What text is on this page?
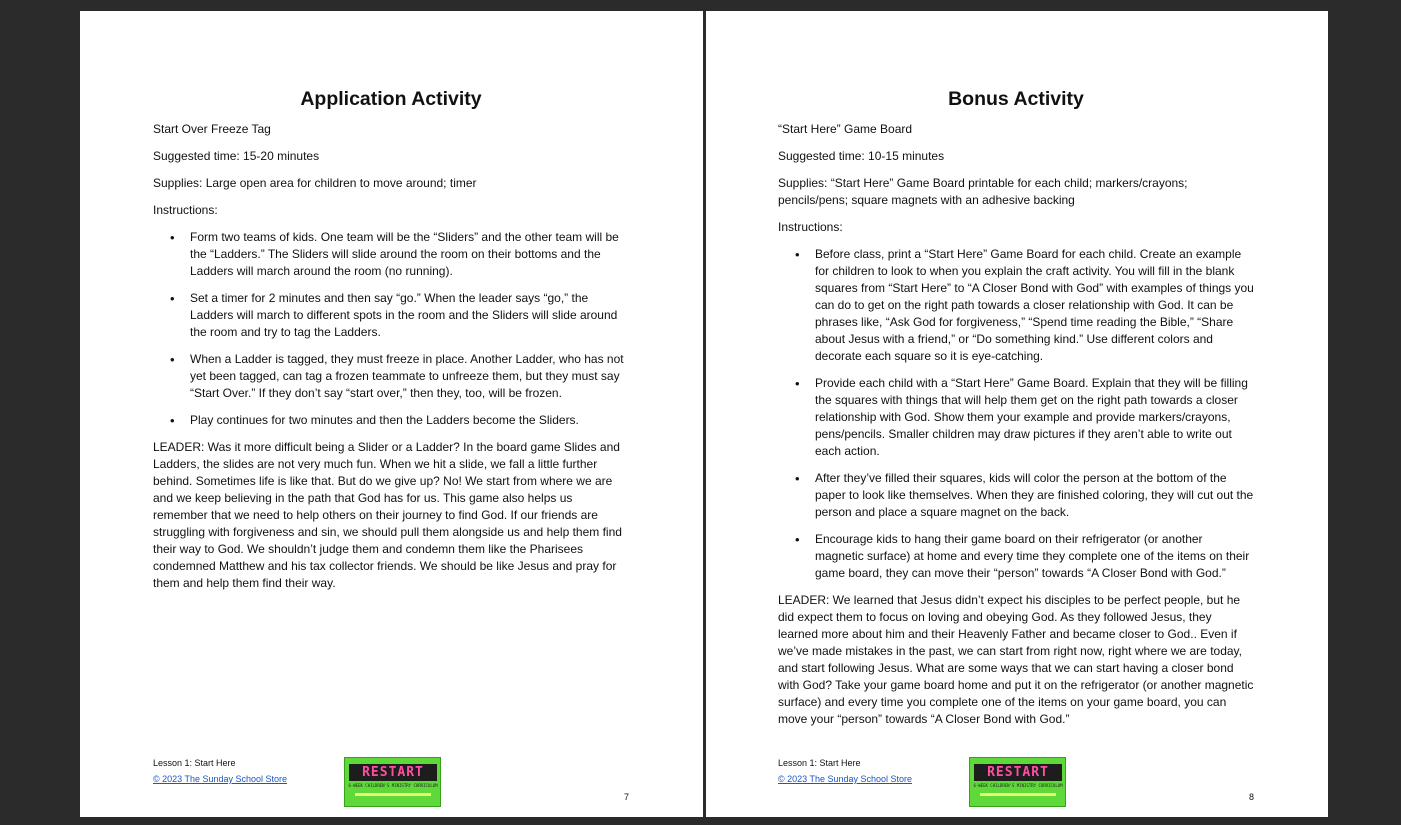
Application Activity

Start Over Freeze Tag

Suggested time: 15-20 minutes

Supplies: Large open area for children to move around; timer

Instructions:

• Form two teams of kids. One team will be the “Sliders” and the other team will be the “Ladders.” The Sliders will slide around the room on their bottoms and the Ladders will march around the room (no running).
• Set a timer for 2 minutes and then say “go.” When the leader says “go,” the Ladders will march to different spots in the room and the Sliders will slide around the room and try to tag the Ladders.
• When a Ladder is tagged, they must freeze in place. Another Ladder, who has not yet been tagged, can tag a frozen teammate to unfreeze them, but they must say “Start Over.” If they don’t say “start over,” then they, too, will be frozen.
• Play continues for two minutes and then the Ladders become the Sliders.

LEADER: Was it more difficult being a Slider or a Ladder? In the board game Slides and Ladders, the slides are not very much fun. When we hit a slide, we fall a little further behind. Sometimes life is like that. But do we give up? No! We start from where we are and we keep believing in the path that God has for us. This game also helps us remember that we need to help others on their journey to find God. If our friends are struggling with forgiveness and sin, we should pull them alongside us and help them find their way to God. We shouldn’t judge them and condemn them like the Pharisees condemned Matthew and his tax collector friends. We should be like Jesus and pray for them and help them find their way.

Lesson 1: Start Here
© 2023 The Sunday School Store	RESTART
6-WEEK CHILDREN'S MINISTRY CURRICULUM
7
Bonus Activity

“Start Here” Game Board

Suggested time: 10-15 minutes

Supplies: “Start Here” Game Board printable for each child; markers/crayons; pencils/pens; square magnets with an adhesive backing

Instructions:

• Before class, print a “Start Here” Game Board for each child. Create an example for children to look to when you explain the craft activity. You will fill in the blank squares from “Start Here” to “A Closer Bond with God” with examples of things you can do to get on the right path towards a closer relationship with God. It can be phrases like, “Ask God for forgiveness,” “Spend time reading the Bible,” “Share about Jesus with a friend,” or “Do something kind.” Use different colors and decorate each square so it is eye-catching.
• Provide each child with a “Start Here” Game Board. Explain that they will be filling the squares with things that will help them get on the right path towards a closer relationship with God. Show them your example and provide markers/crayons, pens/pencils. Smaller children may draw pictures if they aren’t able to write out each action.
• After they’ve filled their squares, kids will color the person at the bottom of the paper to look like themselves. When they are finished coloring, they will cut out the person and place a square magnet on the back.
• Encourage kids to hang their game board on their refrigerator (or another magnetic surface) at home and every time they complete one of the items on their game board, they can move their “person” towards “A Closer Bond with God.”

LEADER: We learned that Jesus didn’t expect his disciples to be perfect people, but he did expect them to focus on loving and obeying God. As they followed Jesus, they learned more about him and their Heavenly Father and became closer to God.. Even if we’ve made mistakes in the past, we can start from right now, right where we are today, and start following Jesus. What are some ways that we can start having a closer bond with God? Take your game board home and put it on the refrigerator (or another magnetic surface) and every time you complete one of the items on your game board, you can move your “person” towards “A Closer Bond with God.”

Lesson 1: Start Here
© 2023 The Sunday School Store	RESTART
6-WEEK CHILDREN'S MINISTRY CURRICULUM
8
